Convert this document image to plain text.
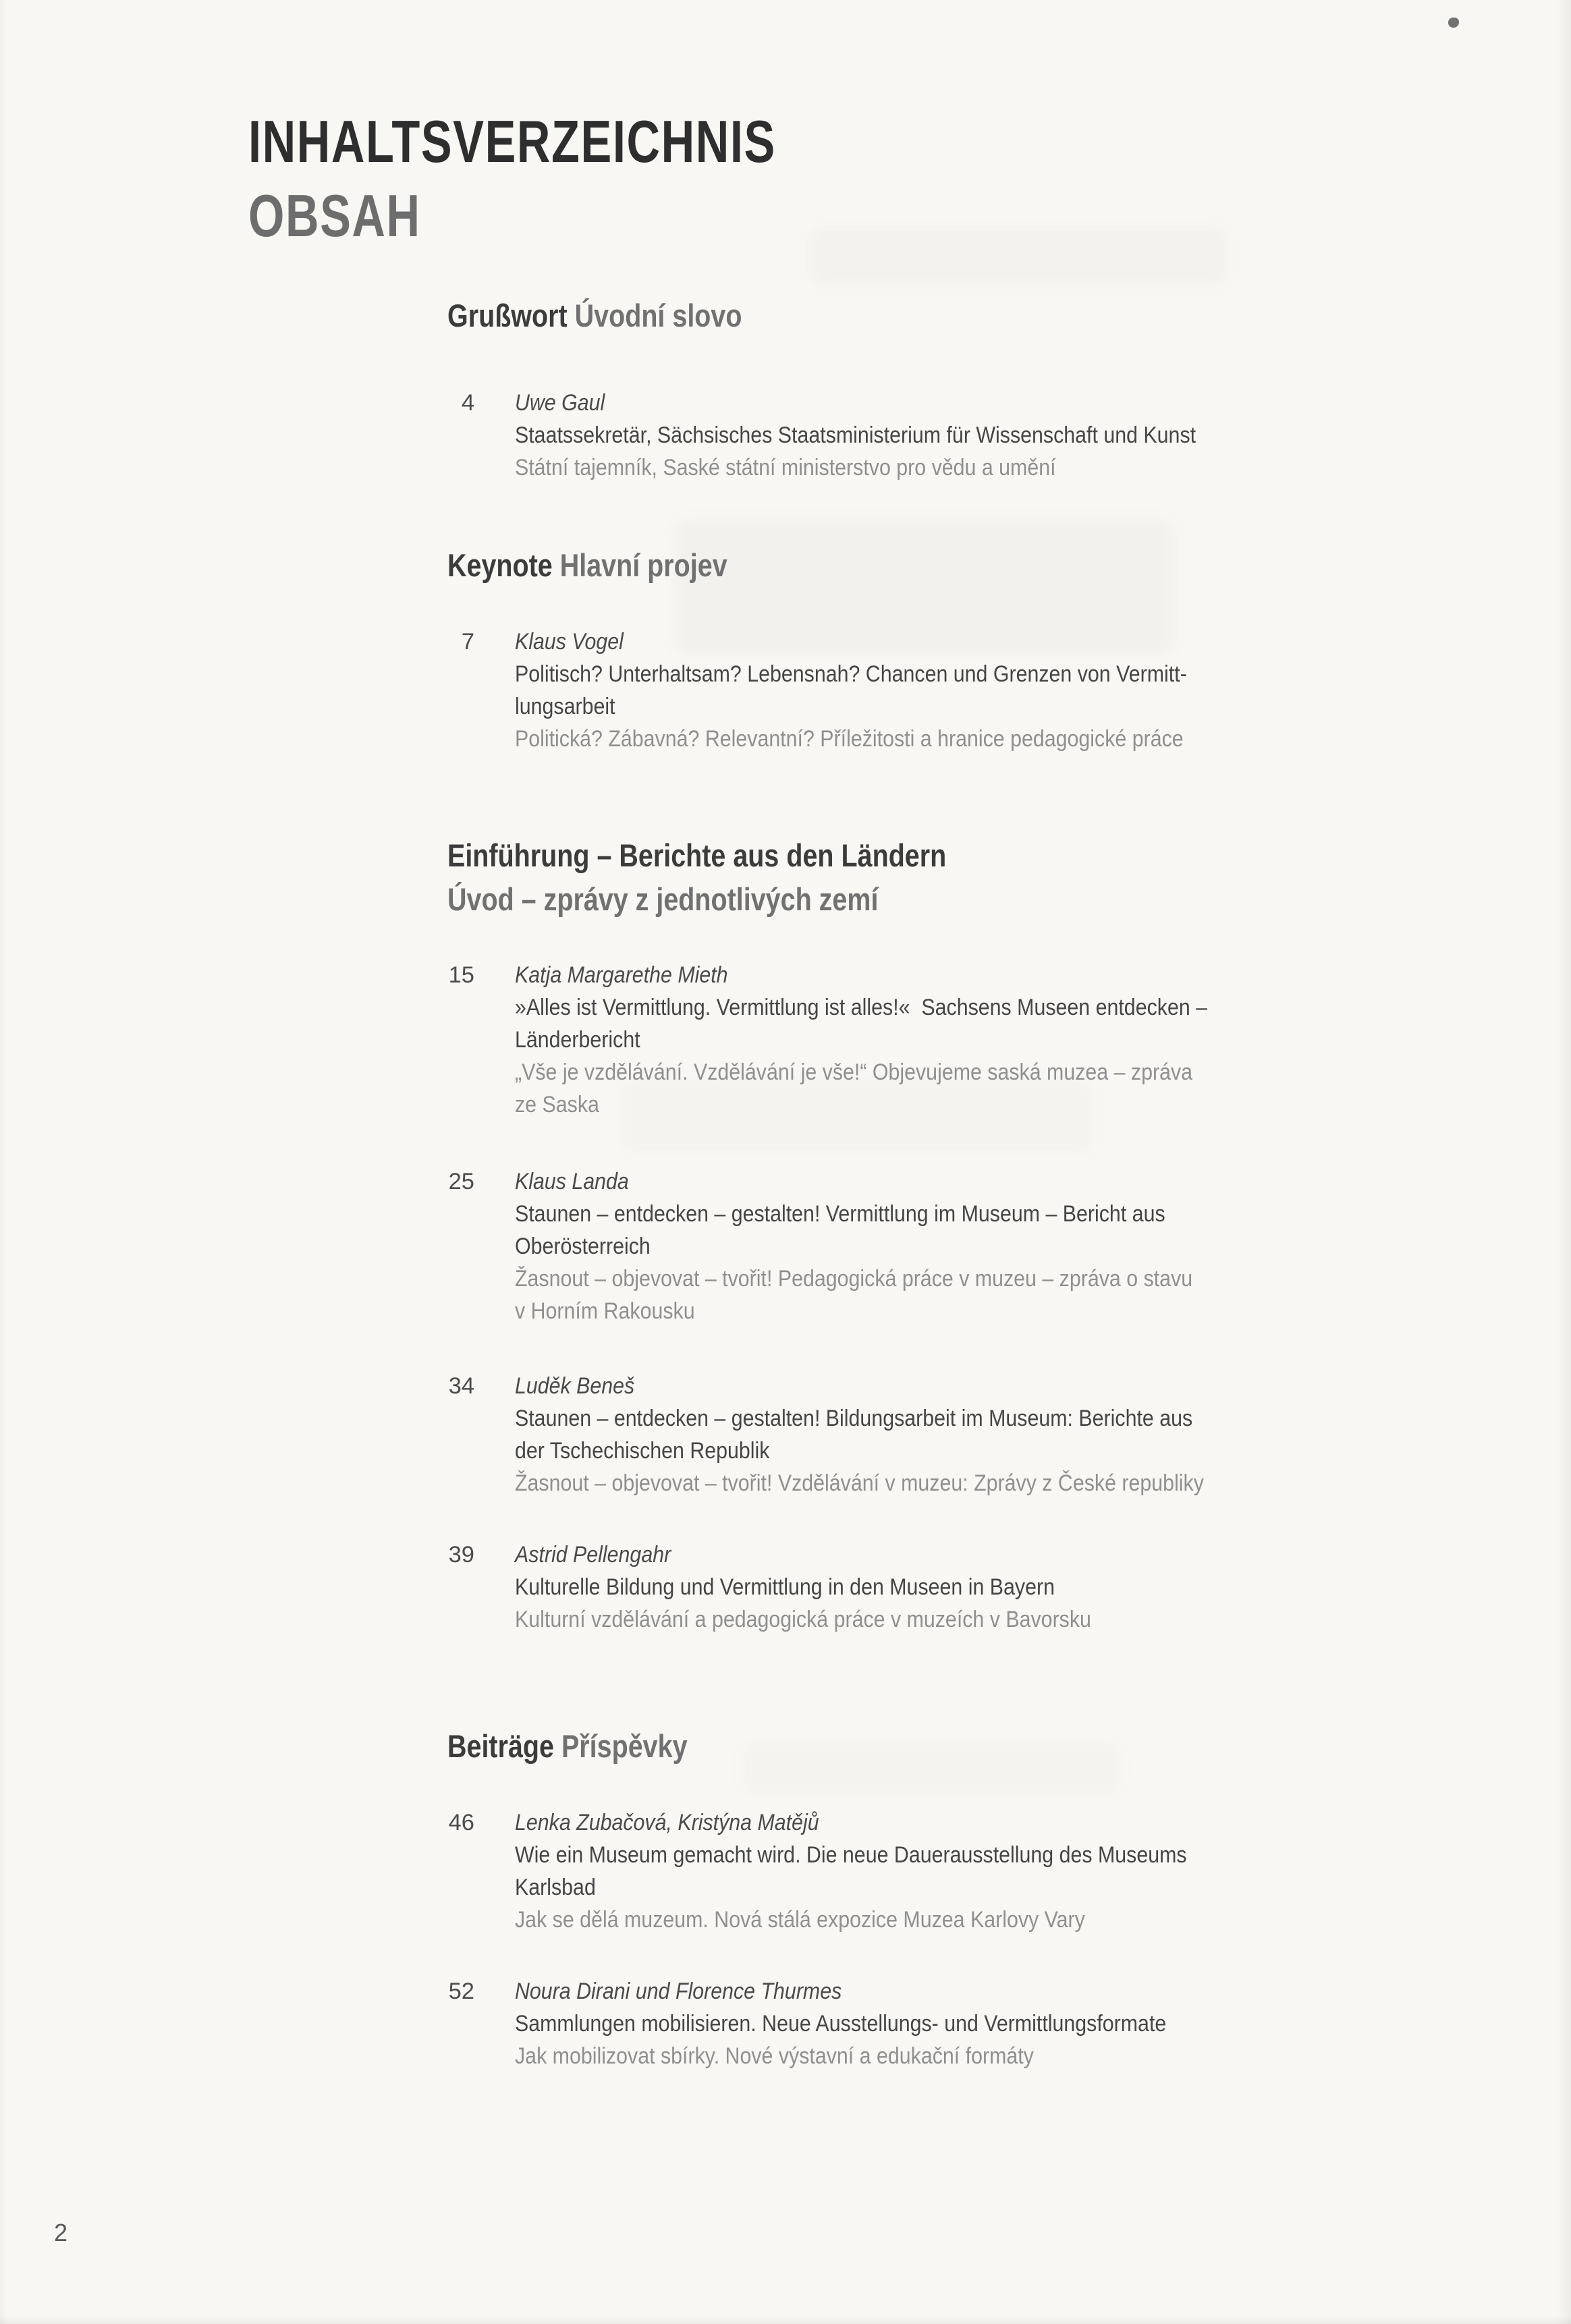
INHALTSVERZEICHNIS
OBSAH
Grußwort Úvodní slovo
4 Uwe Gaul
Staatssekretär, Sächsisches Staatsministerium für Wissenschaft und Kunst
Státní tajemník, Saské státní ministerstvo pro vědu a umění
Keynote Hlavní projev
7 Klaus Vogel
Politisch? Unterhaltsam? Lebensnah? Chancen und Grenzen von Vermitt-
lungsarbeit
Politická? Zábavná? Relevantní? Příležitosti a hranice pedagogické práce
Einführung – Berichte aus den Ländern
Úvod – zprávy z jednotlivých zemí
15 Katja Margarethe Mieth
»Alles ist Vermittlung. Vermittlung ist alles!«  Sachsens Museen entdecken –
Länderbericht
„Vše je vzdělávání. Vzdělávání je vše!“ Objevujeme saská muzea – zpráva
ze Saska
25 Klaus Landa
Staunen – entdecken – gestalten! Vermittlung im Museum – Bericht aus
Oberösterreich
Žasnout – objevovat – tvořit! Pedagogická práce v muzeu – zpráva o stavu
v Horním Rakousku
34 Luděk Beneš
Staunen – entdecken – gestalten! Bildungsarbeit im Museum: Berichte aus
der Tschechischen Republik
Žasnout – objevovat – tvořit! Vzdělávání v muzeu: Zprávy z České republiky
39 Astrid Pellengahr
Kulturelle Bildung und Vermittlung in den Museen in Bayern
Kulturní vzdělávání a pedagogická práce v muzeích v Bavorsku
Beiträge Příspěvky
46 Lenka Zubačová, Kristýna Matějů
Wie ein Museum gemacht wird. Die neue Dauerausstellung des Museums
Karlsbad
Jak se dělá muzeum. Nová stálá expozice Muzea Karlovy Vary
52 Noura Dirani und Florence Thurmes
Sammlungen mobilisieren. Neue Ausstellungs- und Vermittlungsformate
Jak mobilizovat sbírky. Nové výstavní a edukační formáty
2
